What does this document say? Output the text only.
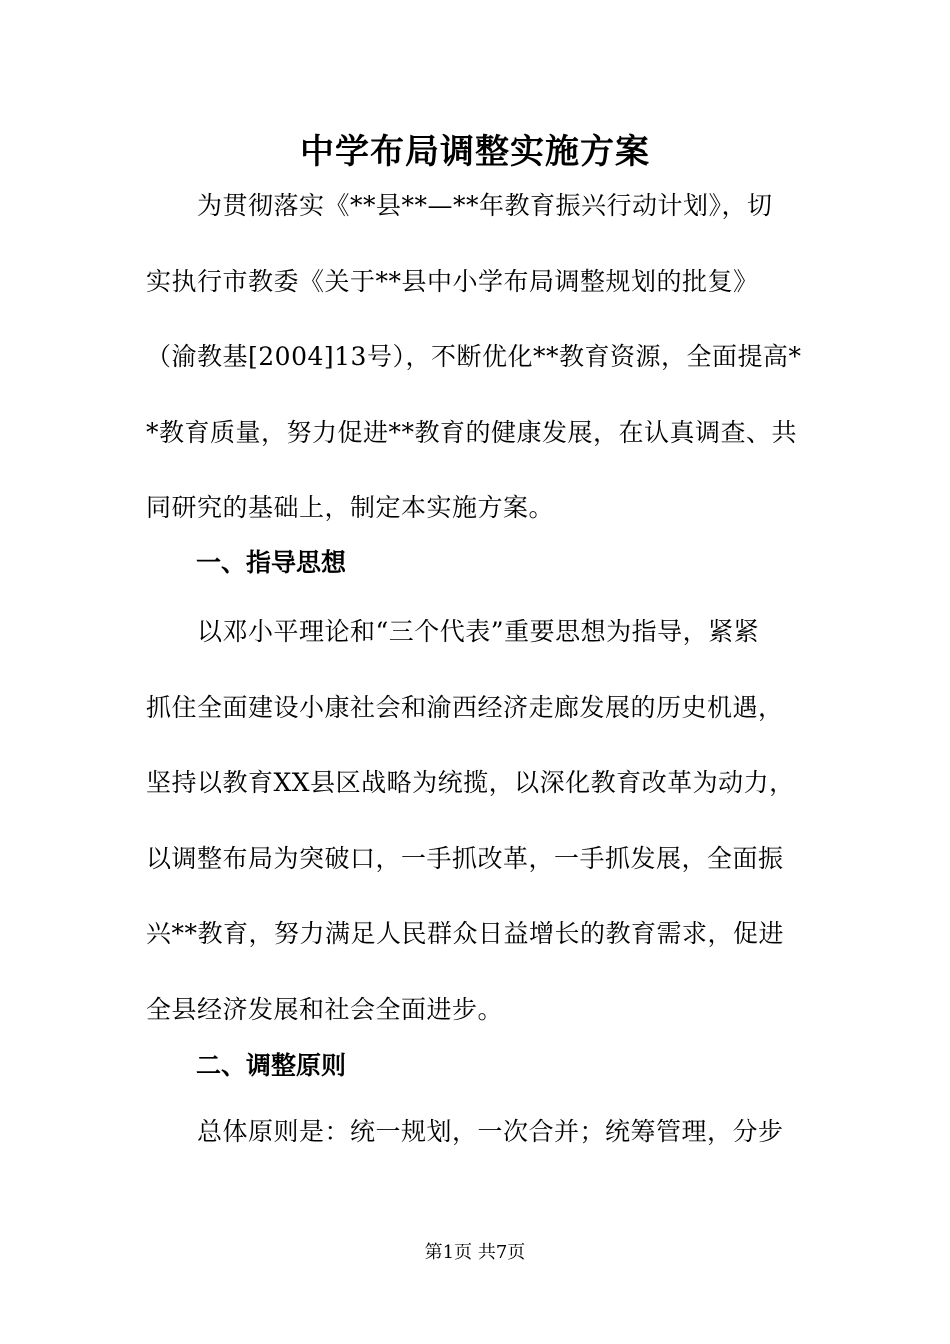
中学布局调整实施方案
　　为贯彻落实《**县**—**年教育振兴行动计划》，切
实执行市教委《关于**县中小学布局调整规划的批复》
（渝教基[2004]13号），不断优化**教育资源，全面提高*
*教育质量，努力促进**教育的健康发展，在认真调查、共
同研究的基础上，制定本实施方案。
一、指导思想
　　以邓小平理论和“三个代表”重要思想为指导，紧紧
抓住全面建设小康社会和渝西经济走廊发展的历史机遇，
坚持以教育XX县区战略为统揽，以深化教育改革为动力，
以调整布局为突破口，一手抓改革，一手抓发展，全面振
兴**教育，努力满足人民群众日益增长的教育需求，促进
全县经济发展和社会全面进步。
二、调整原则
　　总体原则是：统一规划，一次合并；统筹管理，分步
第1页 共7页
